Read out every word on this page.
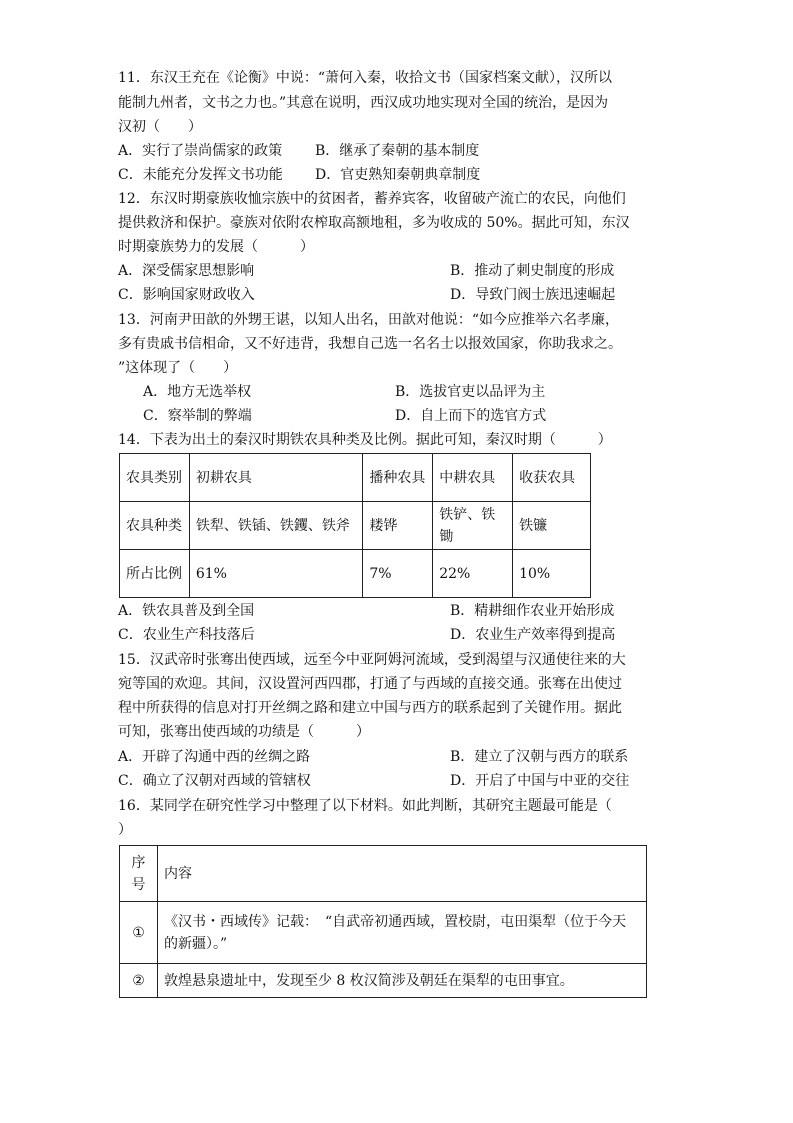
11．东汉王充在《论衡》中说：“萧何入秦，收拾文书（国家档案文献），汉所以
能制九州者，文书之力也。”其意在说明，西汉成功地实现对全国的统治，是因为
汉初（　　）
A．实行了崇尚儒家的政策 B．继承了秦朝的基本制度
C．未能充分发挥文书功能 D．官吏熟知秦朝典章制度
12．东汉时期豪族收恤宗族中的贫困者，蓄养宾客，收留破产流亡的农民，向他们
提供救济和保护。豪族对依附农榨取高额地租，多为收成的 50%。据此可知，东汉
时期豪族势力的发展（　　　）
A．深受儒家思想影响	B．推动了刺史制度的形成
C．影响国家财政收入	D．导致门阀士族迅速崛起
13．河南尹田歆的外甥王谌，以知人出名，田歆对他说：“如今应推举六名孝廉，
多有贵戚书信相命，又不好违背，我想自己选一名名士以报效国家，你助我求之。
”这体现了（　　）
A．地方无选举权	B．选拔官吏以品评为主
C．察举制的弊端	D．自上而下的选官方式
14．下表为出土的秦汉时期铁农具种类及比例。据此可知，秦汉时期（　　　）
农具类别	初耕农具	播种农具	中耕农具	收获农具
农具种类	铁犁、铁锸、铁钁、铁斧	耧铧	铁铲、铁锄	铁镰
所占比例	61%	7%	22%	10%
A．铁农具普及到全国	B．精耕细作农业开始形成
C．农业生产科技落后	D．农业生产效率得到提高
15．汉武帝时张骞出使西域，远至今中亚阿姆河流域，受到渴望与汉通使往来的大
宛等国的欢迎。其间，汉设置河西四郡，打通了与西域的直接交通。张骞在出使过
程中所获得的信息对打开丝绸之路和建立中国与西方的联系起到了关键作用。据此
可知，张骞出使西域的功绩是（　　　）
A．开辟了沟通中西的丝绸之路	B．建立了汉朝与西方的联系
C．确立了汉朝对西域的管辖权	D．开启了中国与中亚的交往
16．某同学在研究性学习中整理了以下材料。如此判断，其研究主题最可能是（
）
序号	内容
①	《汉书・西域传》记载：　“自武帝初通西域，置校尉，屯田渠犁（位于今天的新疆）。”
②	敦煌悬泉遗址中，发现至少 8 枚汉简涉及朝廷在渠犁的屯田事宜。
